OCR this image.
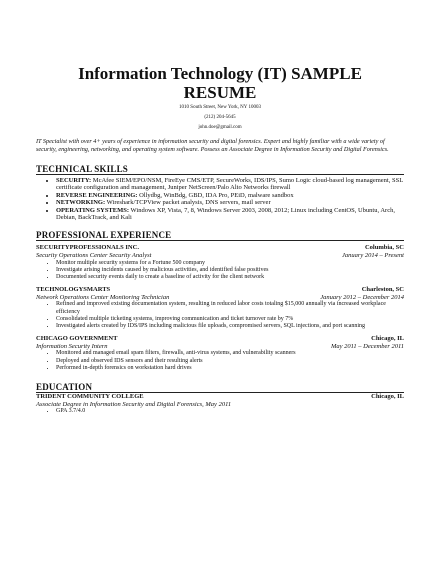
Information Technology (IT) SAMPLE
RESUME
1010 South Street, New York, NY 10003
(212) 204-5645
john.doe@gmail.com
IT Specialist with over 4+ years of experience in information security and digital forensics. Expert and highly familiar with a wide variety of security, engineering, networking, and operating system software. Possess an Associate Degree in Information Security and Digital Forensics.
TECHNICAL SKILLS
• SECURITY: McAfee SIEM/EPO/NSM, FireEye CMS/ETP, SecureWorks, IDS/IPS, Sumo Logic cloud-based log management, SSL certificate configuration and management, Juniper NetScreen/Palo Alto Networks firewall
• REVERSE ENGINEERING: Ollydbg, WinBdg, GBD, IDA Pro, PEiD, malware sandbox
• NETWORKING: Wireshark/TCPView packet analysis, DNS servers, mail server
• OPERATING SYSTEMS: Windows XP, Vista, 7, 8, Windows Server 2003, 2008, 2012; Linux including CentOS, Ubuntu, Arch, Debian, BackTrack, and Kali
PROFESSIONAL EXPERIENCE
SECURITYPROFESSIONALS INC.	Columbia, SC
Security Operations Center Security Analyst	January 2014 – Present
• Monitor multiple security systems for a Fortune 500 company
• Investigate arising incidents caused by malicious activities, and identified false positives
• Documented security events daily to create a baseline of activity for the client network
TECHNOLOGYSMARTS	Charleston, SC
Network Operations Center Monitoring Technician	January 2012 – December 2014
• Refined and improved existing documentation system, resulting in reduced labor costs totaling $15,000 annually via increased workplace efficiency
• Consolidated multiple ticketing systems, improving communication and ticket turnover rate by 7%
• Investigated alerts created by IDS/IPS including malicious file uploads, compromised servers, SQL injections, and port scanning
CHICAGO GOVERNMENT	Chicago, IL
Information Security Intern	May 2011 – December 2011
• Monitored and managed email spam filters, firewalls, anti-virus systems, and vulnerability scanners
• Deployed and observed IDS sensors and their resulting alerts
• Performed in-depth forensics on workstation hard drives
EDUCATION
TRIDENT COMMUNITY COLLEGE	Chicago, IL
Associate Degree in Information Security and Digital Forensics, May 2011
• GPA 3.7/4.0
